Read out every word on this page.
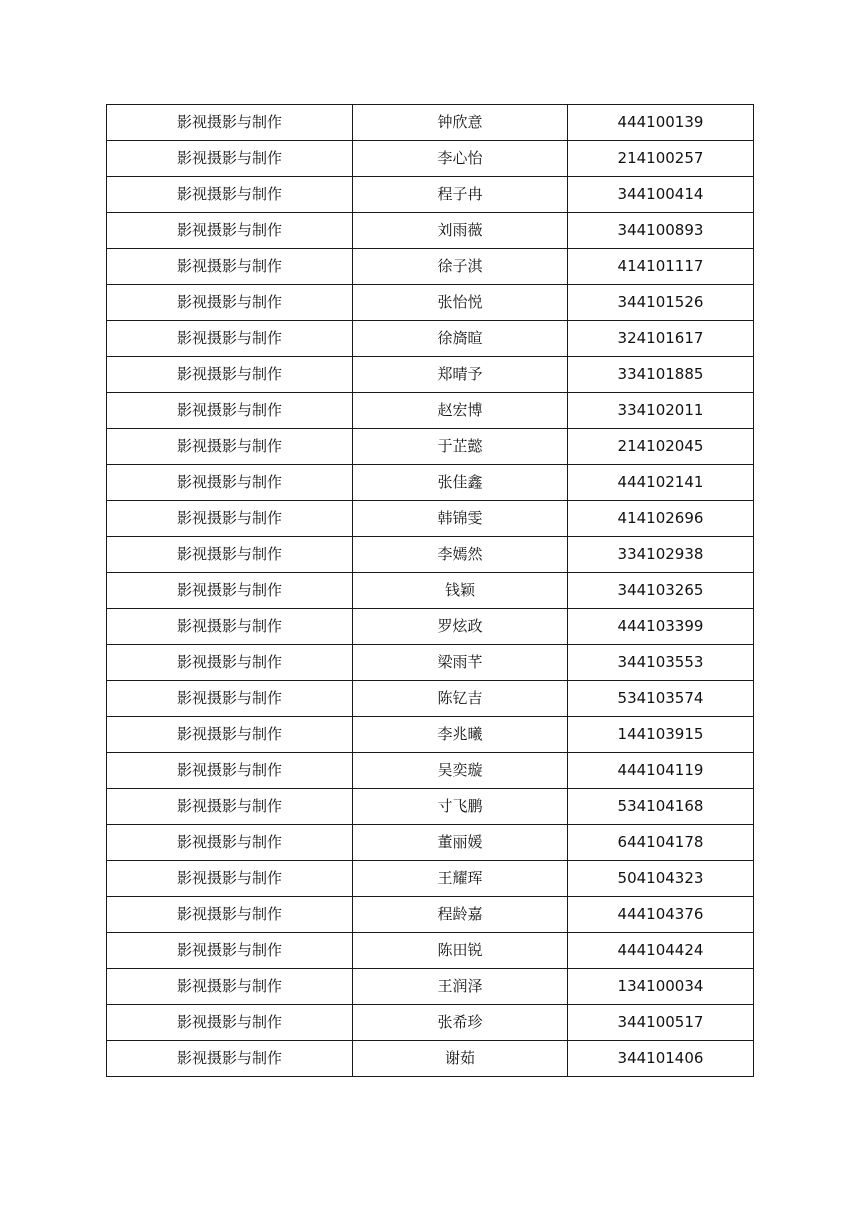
影视摄影与制作	钟欣意	444100139
影视摄影与制作	李心怡	214100257
影视摄影与制作	程子冉	344100414
影视摄影与制作	刘雨薇	344100893
影视摄影与制作	徐子淇	414101117
影视摄影与制作	张怡悦	344101526
影视摄影与制作	徐旖暄	324101617
影视摄影与制作	郑晴予	334101885
影视摄影与制作	赵宏博	334102011
影视摄影与制作	于芷懿	214102045
影视摄影与制作	张佳鑫	444102141
影视摄影与制作	韩锦雯	414102696
影视摄影与制作	李嫣然	334102938
影视摄影与制作	钱颖	344103265
影视摄影与制作	罗炫政	444103399
影视摄影与制作	梁雨芊	344103553
影视摄影与制作	陈钇吉	534103574
影视摄影与制作	李兆曦	144103915
影视摄影与制作	吴奕璇	444104119
影视摄影与制作	寸飞鹏	534104168
影视摄影与制作	董丽媛	644104178
影视摄影与制作	王耀珲	504104323
影视摄影与制作	程龄嘉	444104376
影视摄影与制作	陈田锐	444104424
影视摄影与制作	王润泽	134100034
影视摄影与制作	张希珍	344100517
影视摄影与制作	谢茹	344101406
